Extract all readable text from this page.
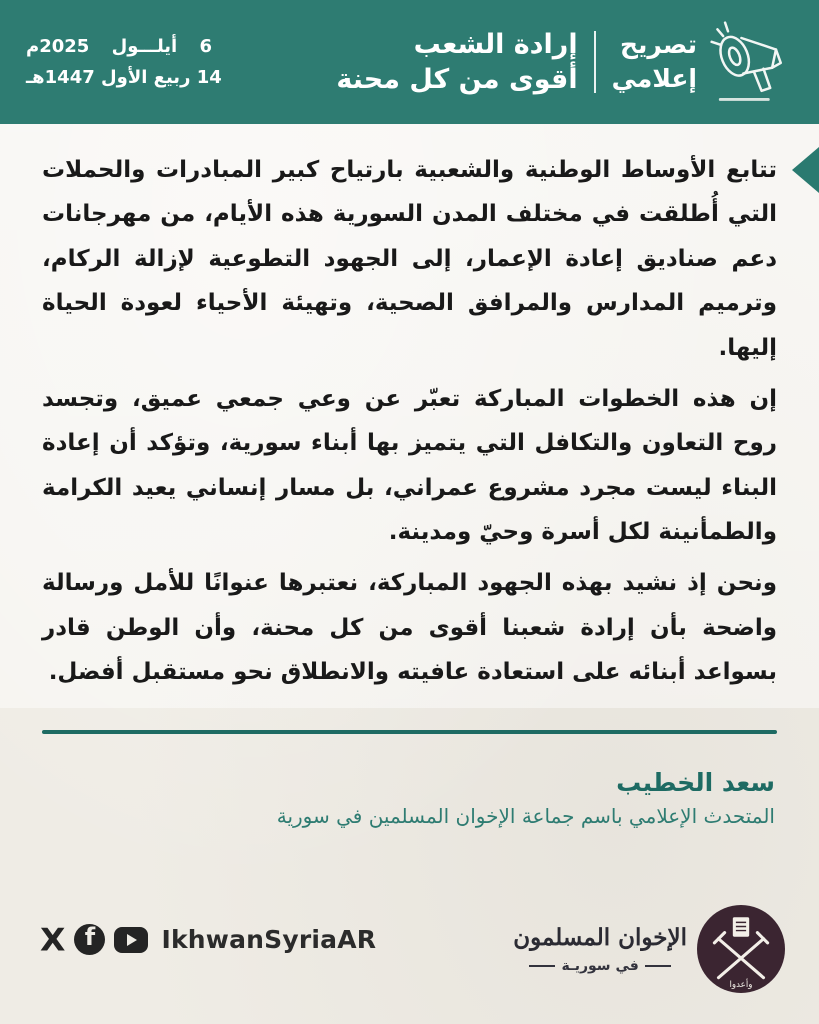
تصريح
إعلامي
إرادة الشعب
أقوى من كل محنة
6 أيلـــول 2025م
14 ربيع الأول 1447هـ

تتابع الأوساط الوطنية والشعبية بارتياح كبير المبادرات والحملات التي أُطلقت في مختلف المدن السورية هذه الأيام، من مهرجانات دعم صناديق إعادة الإعمار، إلى الجهود التطوعية لإزالة الركام، وترميم المدارس والمرافق الصحية، وتهيئة الأحياء لعودة الحياة إليها.

إن هذه الخطوات المباركة تعبّر عن وعي جمعي عميق، وتجسد روح التعاون والتكافل التي يتميز بها أبناء سورية، وتؤكد أن إعادة البناء ليست مجرد مشروع عمراني، بل مسار إنساني يعيد الكرامة والطمأنينة لكل أسرة وحيّ ومدينة.

ونحن إذ نشيد بهذه الجهود المباركة، نعتبرها عنوانًا للأمل ورسالة واضحة بأن إرادة شعبنا أقوى من كل محنة، وأن الوطن قادر بسواعد أبنائه على استعادة عافيته والانطلاق نحو مستقبل أفضل.

سعد الخطيب
المتحدث الإعلامي باسم جماعة الإخوان المسلمين في سورية
X f	IkhwanSyriaAR	الإخوان المسلمون
في سوريـة
وأعدوا
